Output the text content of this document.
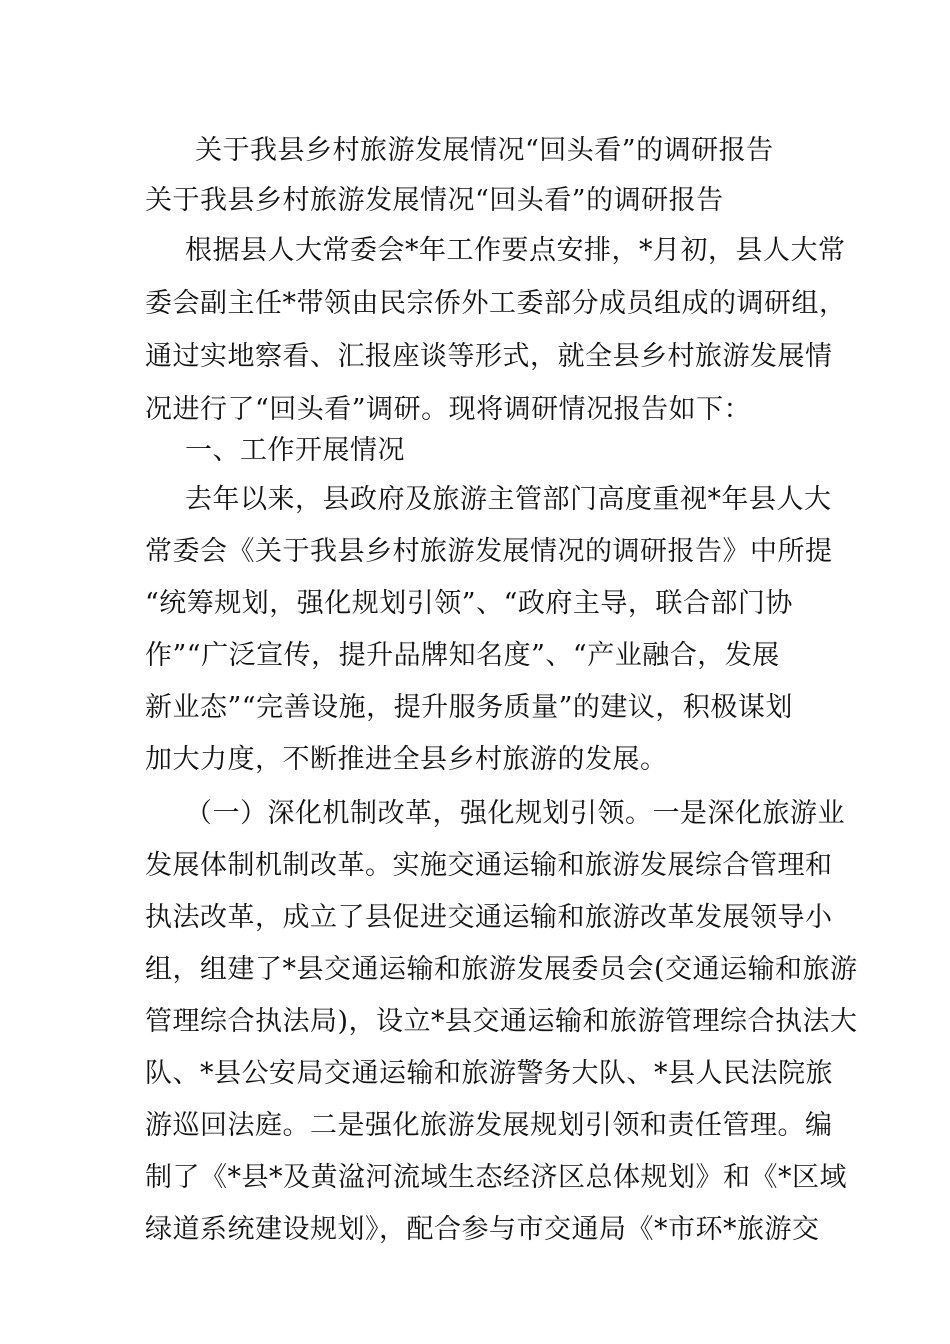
关于我县乡村旅游发展情况“回头看”的调研报告
关于我县乡村旅游发展情况“回头看”的调研报告
根据县人大常委会*年工作要点安排，*月初，县人大常
委会副主任*带领由民宗侨外工委部分成员组成的调研组，
通过实地察看、汇报座谈等形式，就全县乡村旅游发展情
况进行了“回头看”调研。现将调研情况报告如下：
一、工作开展情况
去年以来，县政府及旅游主管部门高度重视*年县人大
常委会《关于我县乡村旅游发展情况的调研报告》中所提
“统筹规划，强化规划引领”、“政府主导，联合部门协
作”“广泛宣传，提升品牌知名度”、“产业融合，发展
新业态”“完善设施，提升服务质量”的建议，积极谋划
加大力度，不断推进全县乡村旅游的发展。
（一）深化机制改革，强化规划引领。一是深化旅游业
发展体制机制改革。实施交通运输和旅游发展综合管理和
执法改革，成立了县促进交通运输和旅游改革发展领导小
组，组建了*县交通运输和旅游发展委员会(交通运输和旅游
管理综合执法局)，设立*县交通运输和旅游管理综合执法大
队、*县公安局交通运输和旅游警务大队、*县人民法院旅
游巡回法庭。二是强化旅游发展规划引领和责任管理。编
制了《*县*及黄湓河流域生态经济区总体规划》和《*区域
绿道系统建设规划》，配合参与市交通局《*市环*旅游交
